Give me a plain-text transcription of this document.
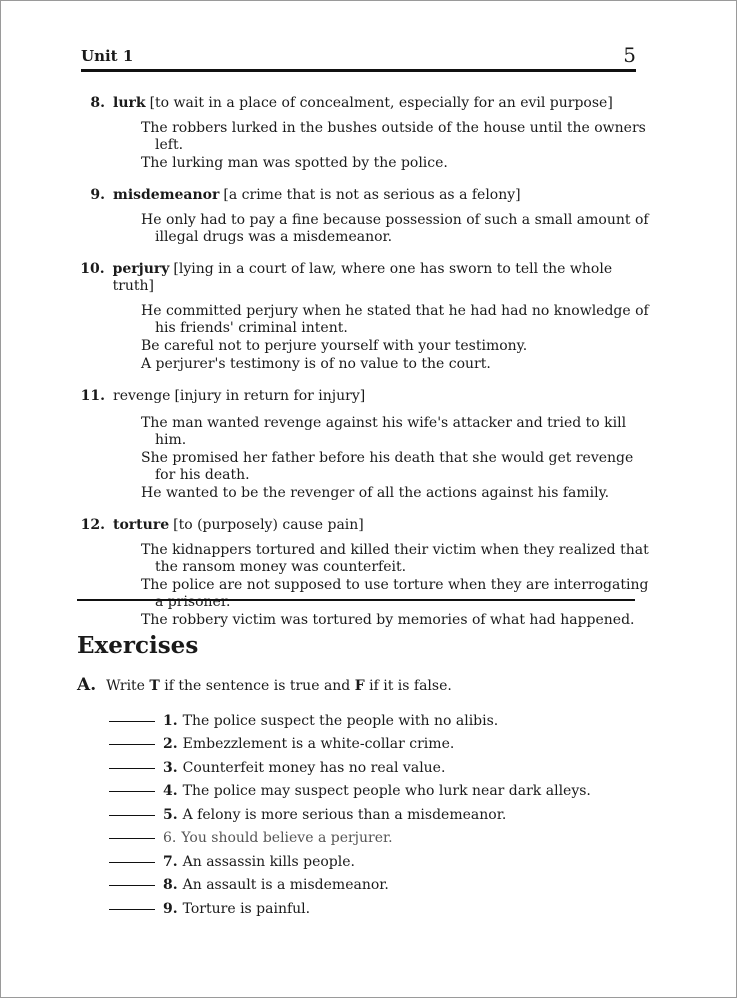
Unit 1	5
8. lurk [to wait in a place of concealment, especially for an evil purpose]
The robbers lurked in the bushes outside of the house until the owners left.
The lurking man was spotted by the police.
9. misdemeanor [a crime that is not as serious as a felony]
He only had to pay a fine because possession of such a small amount of illegal drugs was a misdemeanor.
10. perjury [lying in a court of law, where one has sworn to tell the whole truth]
He committed perjury when he stated that he had had no knowledge of his friends' criminal intent.
Be careful not to perjure yourself with your testimony.
A perjurer's testimony is of no value to the court.
11. revenge [injury in return for injury]
The man wanted revenge against his wife's attacker and tried to kill him.
She promised her father before his death that she would get revenge for his death.
He wanted to be the revenger of all the actions against his family.
12. torture [to (purposely) cause pain]
The kidnappers tortured and killed their victim when they realized that the ransom money was counterfeit.
The police are not supposed to use torture when they are interrogating a prisoner.
The robbery victim was tortured by memories of what had happened.
Exercises
A. Write T if the sentence is true and F if it is false.
1. The police suspect the people with no alibis.
2. Embezzlement is a white-collar crime.
3. Counterfeit money has no real value.
4. The police may suspect people who lurk near dark alleys.
5. A felony is more serious than a misdemeanor.
6. You should believe a perjurer.
7. An assassin kills people.
8. An assault is a misdemeanor.
9. Torture is painful.
